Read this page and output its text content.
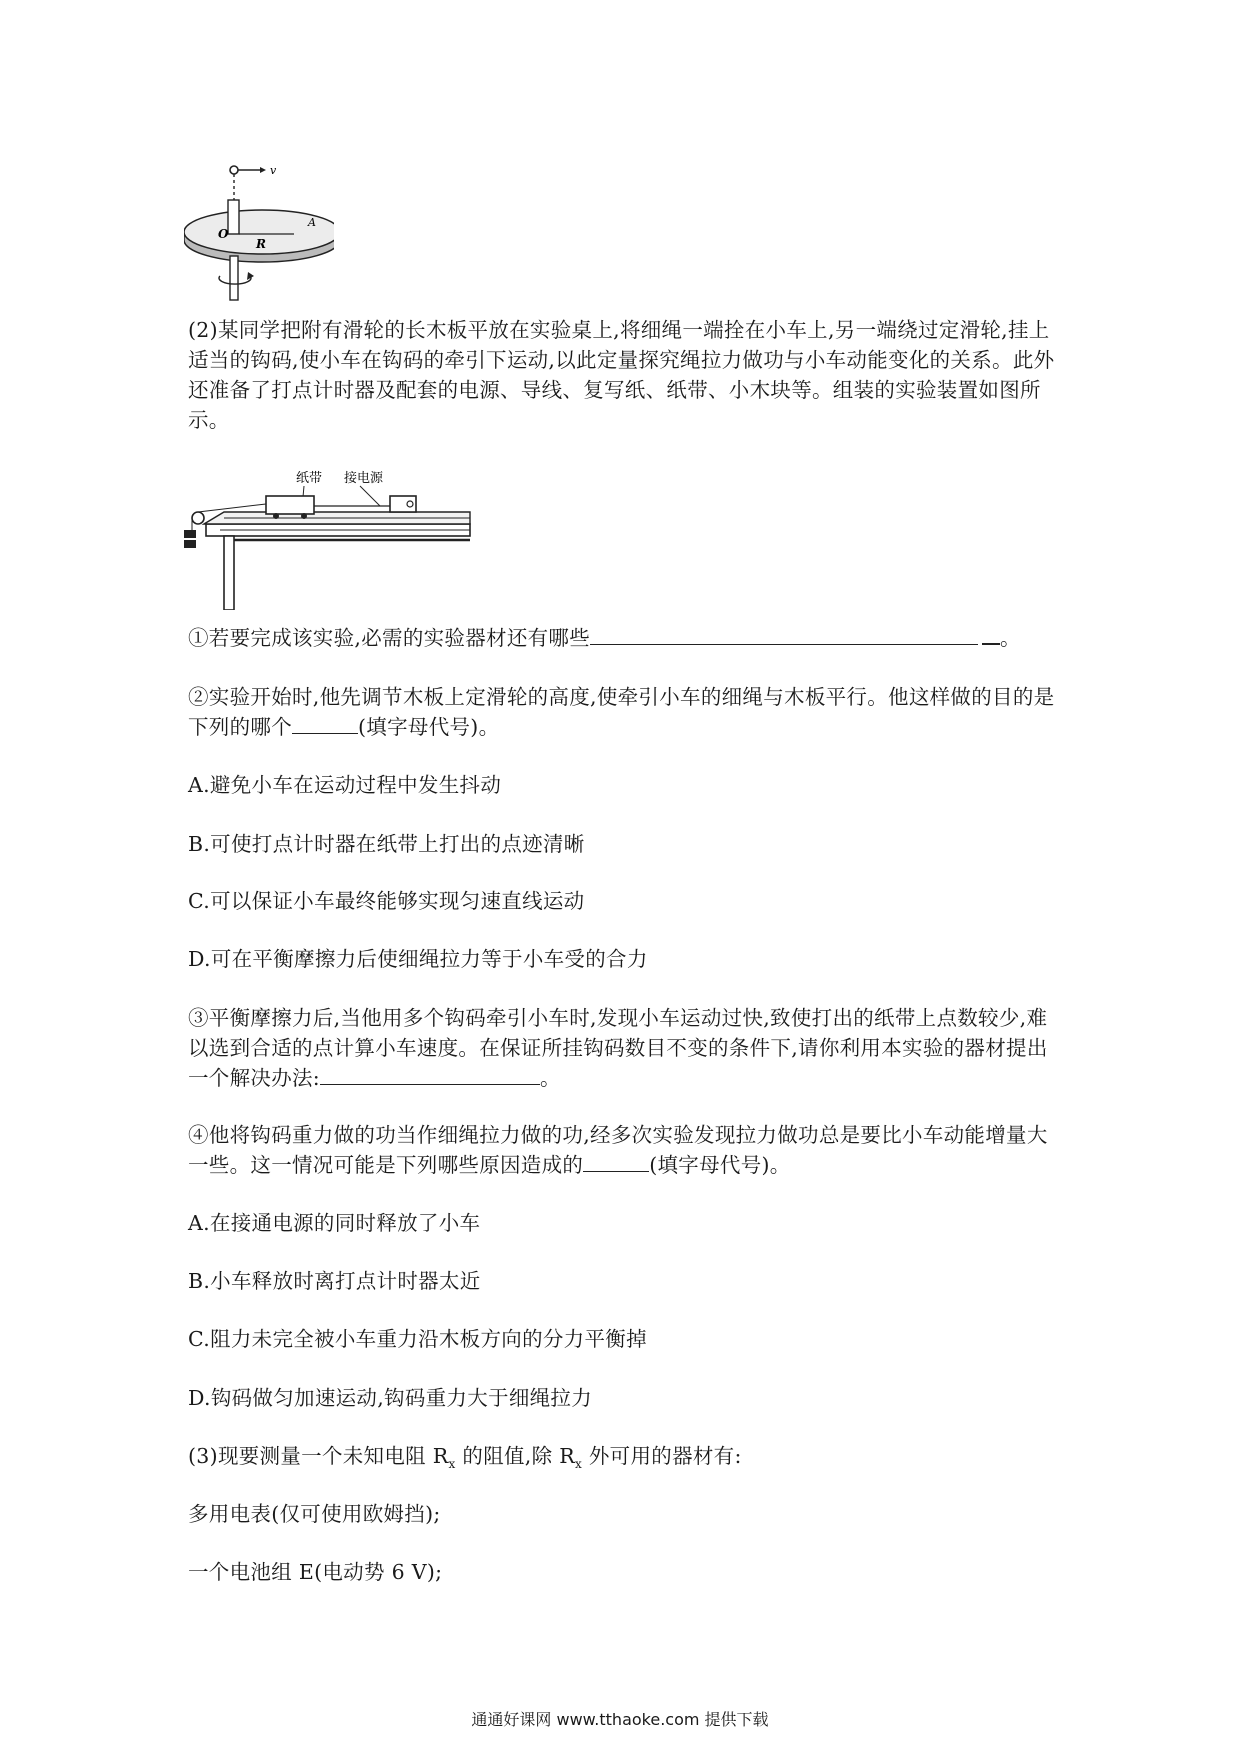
v
O
R
A

(2)某同学把附有滑轮的长木板平放在实验桌上,将细绳一端拴在小车上,另一端绕过定滑轮,挂上适当的钩码,使小车在钩码的牵引下运动,以此定量探究绳拉力做功与小车动能变化的关系。此外还准备了打点计时器及配套的电源、导线、复写纸、纸带、小木块等。组装的实验装置如图所示。

纸带 接电源

①若要完成该实验,必需的实验器材还有哪些	。

②实验开始时,他先调节木板上定滑轮的高度,使牵引小车的细绳与木板平行。他这样做的目的是下列的哪个	(填字母代号)。

A.避免小车在运动过程中发生抖动

B.可使打点计时器在纸带上打出的点迹清晰

C.可以保证小车最终能够实现匀速直线运动

D.可在平衡摩擦力后使细绳拉力等于小车受的合力

③平衡摩擦力后,当他用多个钩码牵引小车时,发现小车运动过快,致使打出的纸带上点数较少,难以选到合适的点计算小车速度。在保证所挂钩码数目不变的条件下,请你利用本实验的器材提出一个解决办法:	。

④他将钩码重力做的功当作细绳拉力做的功,经多次实验发现拉力做功总是要比小车动能增量大一些。这一情况可能是下列哪些原因造成的	(填字母代号)。

A.在接通电源的同时释放了小车

B.小车释放时离打点计时器太近

C.阻力未完全被小车重力沿木板方向的分力平衡掉

D.钩码做匀加速运动,钩码重力大于细绳拉力

(3)现要测量一个未知电阻 $R_x$ 的阻值,除 $R_x$ 外可用的器材有:

多用电表(仅可使用欧姆挡);

一个电池组 E(电动势 6 V);

通通好课网 www.tthaoke.com 提供下载
